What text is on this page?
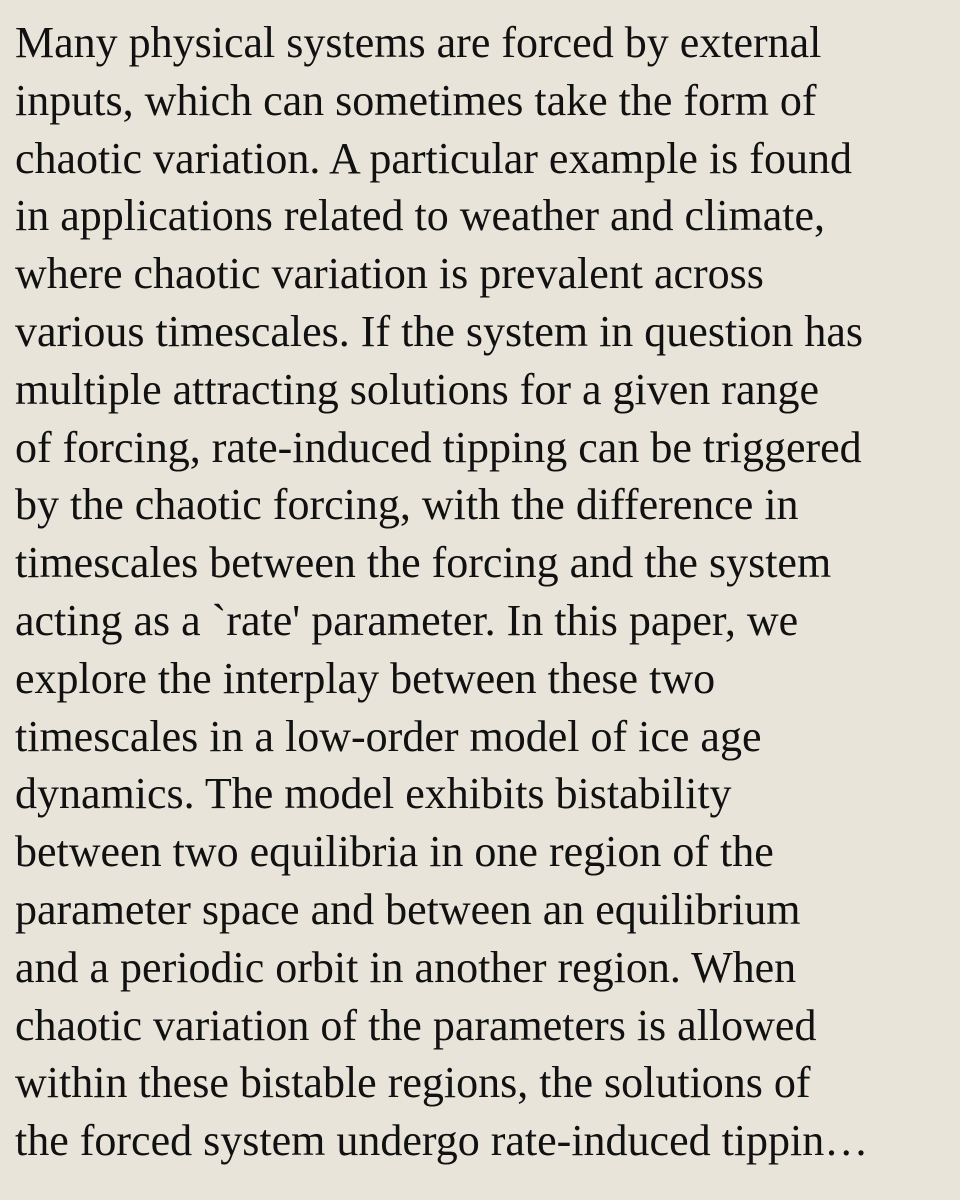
Many physical systems are forced by external
inputs, which can sometimes take the form of
chaotic variation. A particular example is found
in applications related to weather and climate,
where chaotic variation is prevalent across
various timescales. If the system in question has
multiple attracting solutions for a given range
of forcing, rate-induced tipping can be triggered
by the chaotic forcing, with the difference in
timescales between the forcing and the system
acting as a `rate' parameter. In this paper, we
explore the interplay between these two
timescales in a low-order model of ice age
dynamics. The model exhibits bistability
between two equilibria in one region of the
parameter space and between an equilibrium
and a periodic orbit in another region. When
chaotic variation of the parameters is allowed
within these bistable regions, the solutions of
the forced system undergo rate-induced tippin…
